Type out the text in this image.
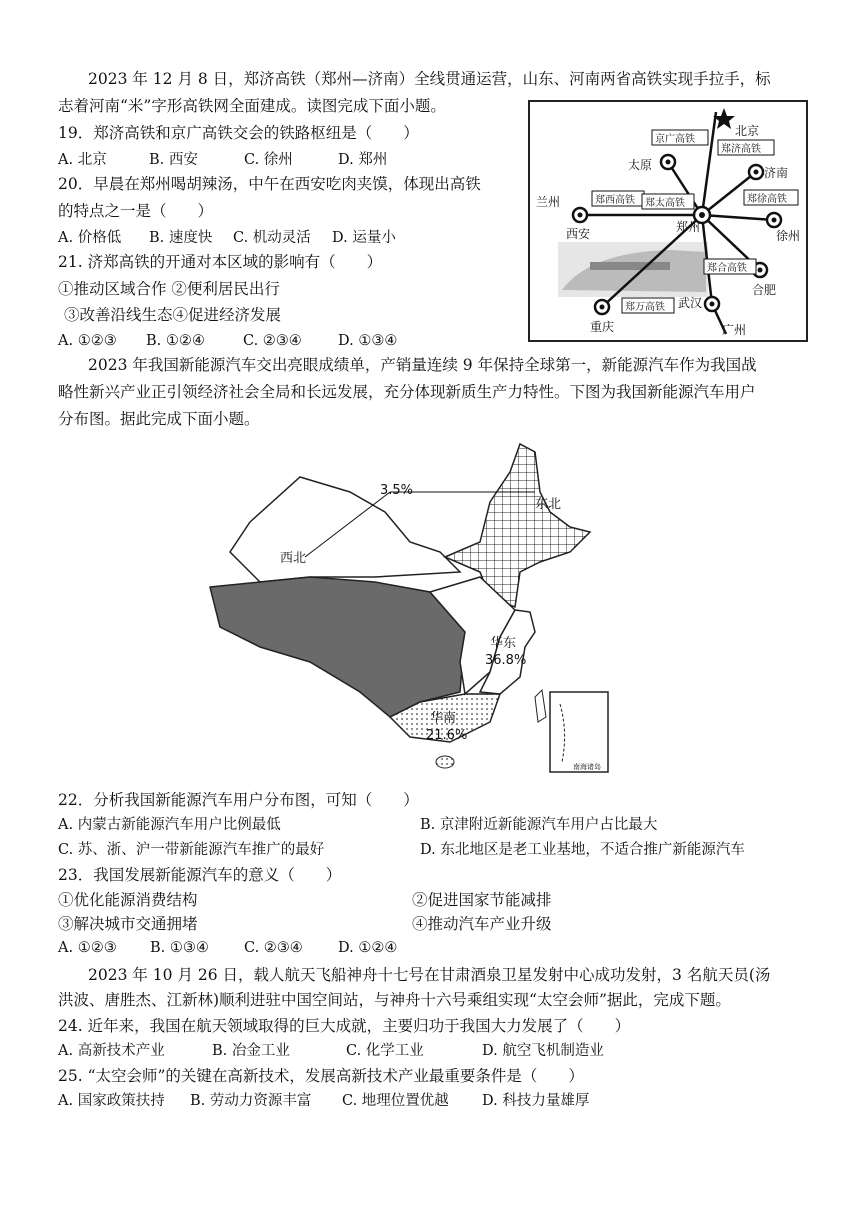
2023 年 12 月 8 日，郑济高铁（郑州—济南）全线贯通运营，山东、河南两省高铁实现手拉手，标
志着河南“米”字形高铁网全面建成。读图完成下面小题。
19．郑济高铁和京广高铁交会的铁路枢纽是（　　）
A. 北京	B. 西安	C. 徐州	D. 郑州
20．早晨在郑州喝胡辣汤，中午在西安吃肉夹馍，体现出高铁
的特点之一是（　　）
A. 价格低 B. 速度快 C. 机动灵活 D. 运量小
21. 济郑高铁的开通对本区域的影响有（　　）
①推动区域合作 ②便利居民出行
③改善沿线生态④促进经济发展
A. ①②③ B. ①②④	C. ②③④ D. ①③④
北京
太原
济南
兰州
西安	郑州
徐州
合肥
武汉
重庆	广州
京广高铁
郑济高铁
郑西高铁 郑太高铁	郑徐高铁
郑合高铁
郑万高铁
2023 年我国新能源汽车交出亮眼成绩单，产销量连续 9 年保持全球第一，新能源汽车作为我国战
略性新兴产业正引领经济社会全局和长远发展，充分体现新质生产力特性。下图为我国新能源汽车用户
分布图。据此完成下面小题。
南海诸岛
3.5%
东北
西北
华东
36.8%
华南
21.6%
22．分析我国新能源汽车用户分布图，可知（　　）
A. 内蒙古新能源汽车用户比例最低	B. 京津附近新能源汽车用户占比最大
C. 苏、浙、沪一带新能源汽车推广的最好	D. 东北地区是老工业基地，不适合推广新能源汽车
23．我国发展新能源汽车的意义（　　）
①优化能源消费结构	②促进国家节能减排
③解决城市交通拥堵	④推动汽车产业升级
A. ①②③ B. ①③④ C. ②③④ D. ①②④
2023 年 10 月 26 日，载人航天飞船神舟十七号在甘肃酒泉卫星发射中心成功发射，3 名航天员(汤
洪波、唐胜杰、江新林)顺利进驻中国空间站，与神舟十六号乘组实现“太空会师”据此，完成下题。
24. 近年来，我国在航天领域取得的巨大成就，主要归功于我国大力发展了（　　）
A. 高新技术产业	B. 冶金工业	C. 化学工业	D. 航空飞机制造业
25. “太空会师”的关键在高新技术，发展高新技术产业最重要条件是（　　）
A. 国家政策扶持 B. 劳动力资源丰富 C. 地理位置优越 D. 科技力量雄厚
